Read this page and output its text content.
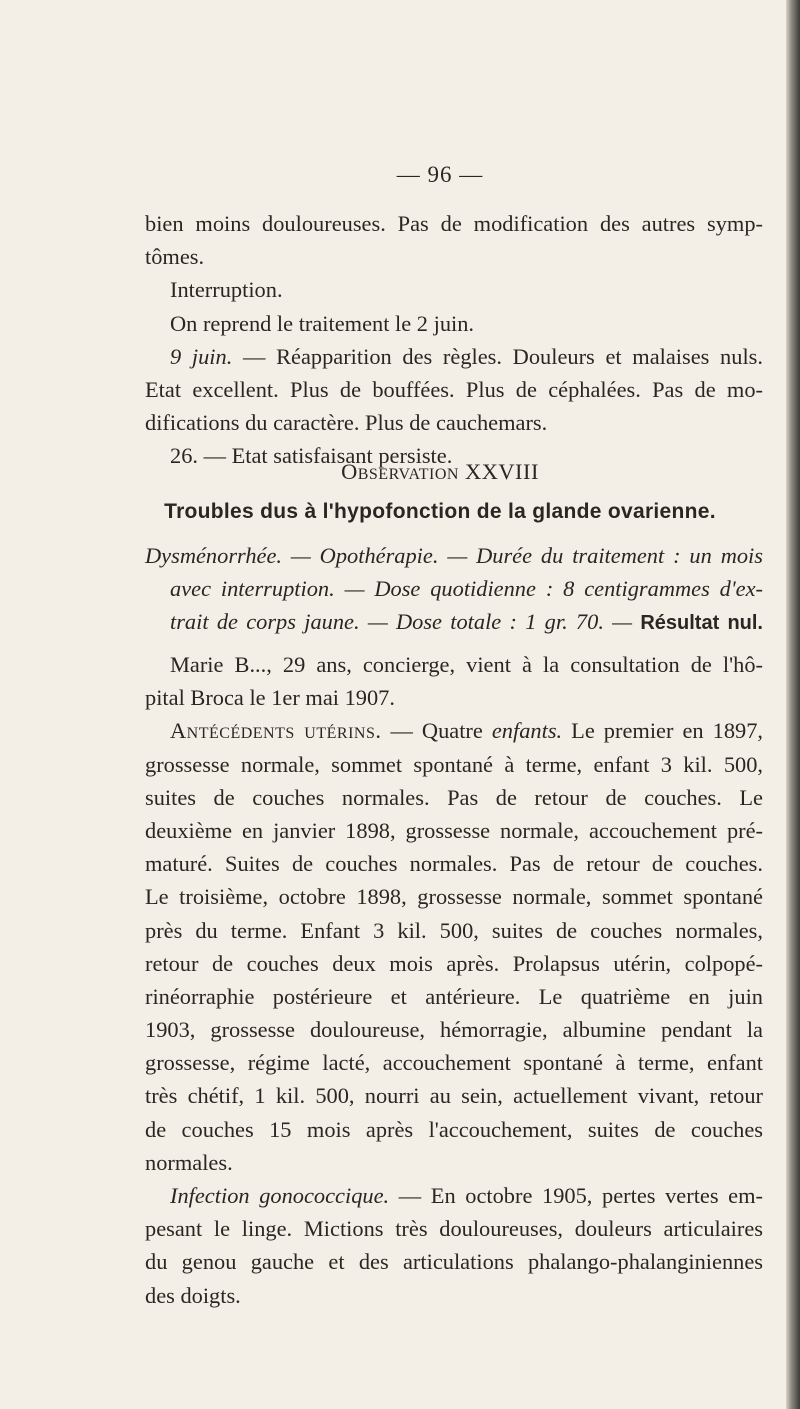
— 96 —
bien moins douloureuses. Pas de modification des autres symp-
tômes.
Interruption.
On reprend le traitement le 2 juin.
9 juin. — Réapparition des règles. Douleurs et malaises nuls.
Etat excellent. Plus de bouffées. Plus de céphalées. Pas de mo-
difications du caractère. Plus de cauchemars.
26. — Etat satisfaisant persiste.
Observation XXVIII
Troubles dus à l'hypofonction de la glande ovarienne.
Dysménorrhée. — Opothérapie. — Durée du traitement : un mois
avec interruption. — Dose quotidienne : 8 centigrammes d'ex-
trait de corps jaune. — Dose totale : 1 gr. 70. — Résultat nul.
Marie B..., 29 ans, concierge, vient à la consultation de l'hô-
pital Broca le 1er mai 1907.
Antécédents utérins. — Quatre enfants. Le premier en 1897,
grossesse normale, sommet spontané à terme, enfant 3 kil. 500,
suites de couches normales. Pas de retour de couches. Le
deuxième en janvier 1898, grossesse normale, accouchement pré-
maturé. Suites de couches normales. Pas de retour de couches.
Le troisième, octobre 1898, grossesse normale, sommet spontané
près du terme. Enfant 3 kil. 500, suites de couches normales,
retour de couches deux mois après. Prolapsus utérin, colpopé-
rinéorraphie postérieure et antérieure. Le quatrième en juin
1903, grossesse douloureuse, hémorragie, albumine pendant la
grossesse, régime lacté, accouchement spontané à terme, enfant
très chétif, 1 kil. 500, nourri au sein, actuellement vivant, retour
de couches 15 mois après l'accouchement, suites de couches
normales.
Infection gonococcique. — En octobre 1905, pertes vertes em-
pesant le linge. Mictions très douloureuses, douleurs articulaires
du genou gauche et des articulations phalango-phalanginiennes
des doigts.
